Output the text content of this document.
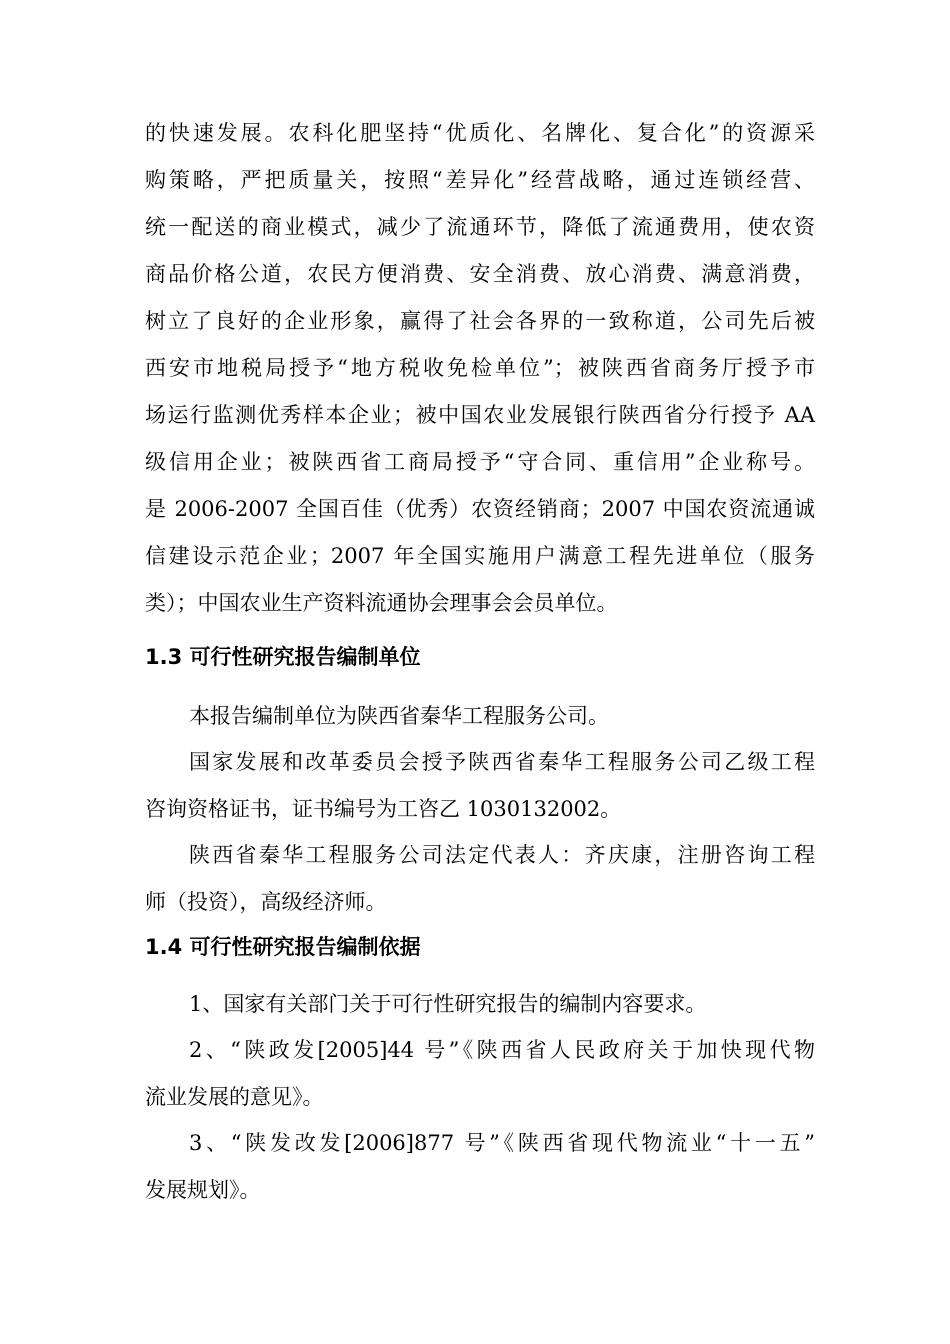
的快速发展。农科化肥坚持“优质化、名牌化、复合化”的资源采
购策略，严把质量关，按照“差异化”经营战略，通过连锁经营、
统一配送的商业模式，减少了流通环节，降低了流通费用，使农资
商品价格公道，农民方便消费、安全消费、放心消费、满意消费，
树立了良好的企业形象，赢得了社会各界的一致称道，公司先后被
西安市地税局授予“地方税收免检单位”；被陕西省商务厅授予市
场运行监测优秀样本企业；被中国农业发展银行陕西省分行授予 AA
级信用企业；被陕西省工商局授予“守合同、重信用”企业称号。
是 2006-2007 全国百佳（优秀）农资经销商；2007 中国农资流通诚
信建设示范企业；2007 年全国实施用户满意工程先进单位（服务
类）；中国农业生产资料流通协会理事会会员单位。
1.3 可行性研究报告编制单位
本报告编制单位为陕西省秦华工程服务公司。
国家发展和改革委员会授予陕西省秦华工程服务公司乙级工程
咨询资格证书，证书编号为工咨乙 1030132002。
陕西省秦华工程服务公司法定代表人：齐庆康，注册咨询工程
师（投资），高级经济师。
1.4 可行性研究报告编制依据
1、国家有关部门关于可行性研究报告的编制内容要求。
2、“陕政发[2005]44 号”《陕西省人民政府关于加快现代物
流业发展的意见》。
3、“陕发改发[2006]877 号”《陕西省现代物流业“十一五”
发展规划》。
